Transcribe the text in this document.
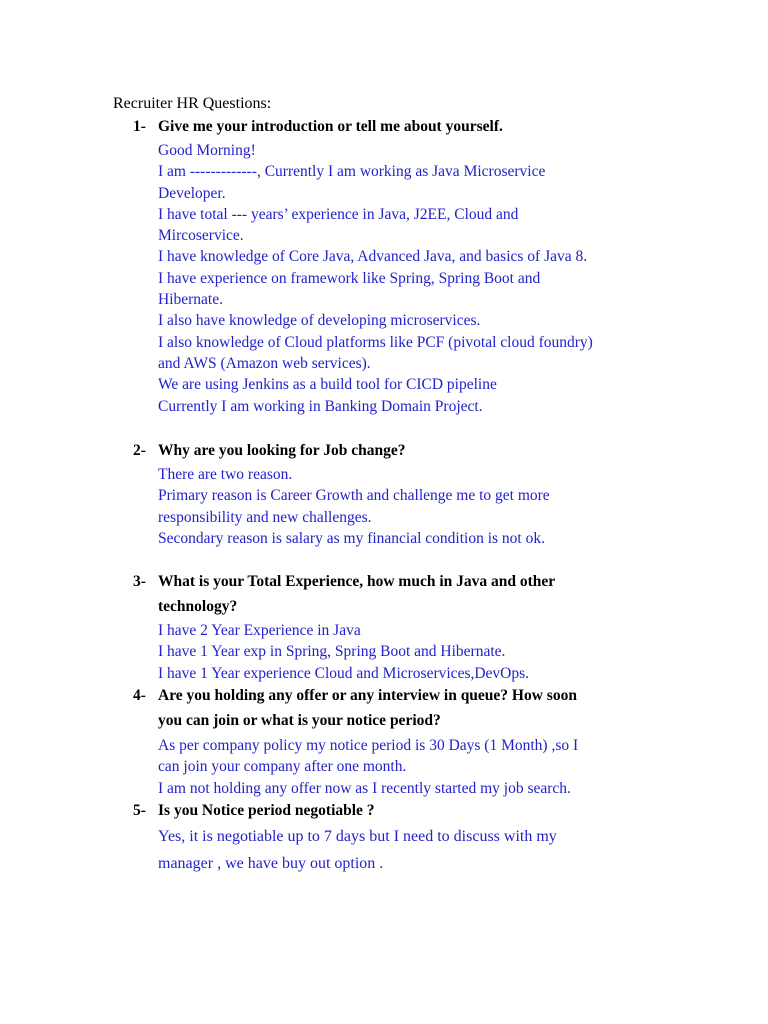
Recruiter HR Questions:
1- Give me your introduction or tell me about yourself.
Good Morning!
I am -------------, Currently I am working as Java Microservice
Developer.
I have total --- years’ experience in Java, J2EE, Cloud and
Mircoservice.
I have knowledge of Core Java, Advanced Java, and basics of Java 8.
I have experience on framework like Spring, Spring Boot and
Hibernate.
I also have knowledge of developing microservices.
I also knowledge of Cloud platforms like PCF (pivotal cloud foundry)
and AWS (Amazon web services).
We are using Jenkins as a build tool for CICD pipeline
Currently I am working in Banking Domain Project.
2- Why are you looking for Job change?
There are two reason.
Primary reason is Career Growth and challenge me to get more
responsibility and new challenges.
Secondary reason is salary as my financial condition is not ok.
3- What is your Total Experience, how much in Java and other
technology?
I have 2 Year Experience in Java
I have 1 Year exp in Spring, Spring Boot and Hibernate.
I have 1 Year experience Cloud and Microservices,DevOps.
4- Are you holding any offer or any interview in queue? How soon
you can join or what is your notice period?
As per company policy my notice period is 30 Days (1 Month) ,so I
can join your company after one month.
I am not holding any offer now as I recently started my job search.
5- Is you Notice period negotiable ?
Yes, it is negotiable up to 7 days but I need to discuss with my
manager , we have buy out option .
